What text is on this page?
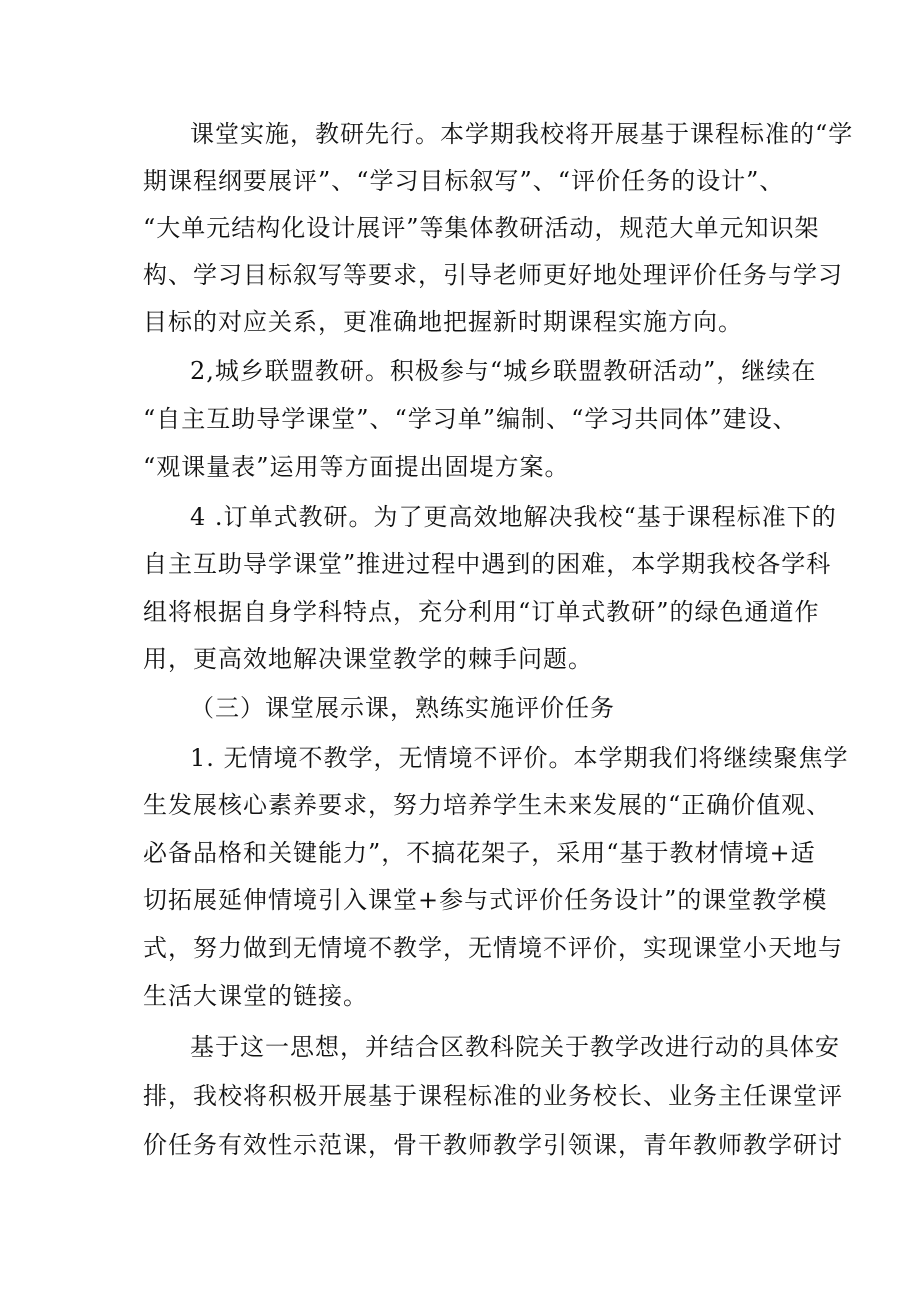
课堂实施，教研先行。本学期我校将开展基于课程标准的“学
期课程纲要展评”、“学习目标叙写”、“评价任务的设计”、
“大单元结构化设计展评”等集体教研活动，规范大单元知识架
构、学习目标叙写等要求，引导老师更好地处理评价任务与学习
目标的对应关系，更准确地把握新时期课程实施方向。
2,城乡联盟教研。积极参与“城乡联盟教研活动”，继续在
“自主互助导学课堂”、“学习单”编制、“学习共同体”建设、
“观课量表”运用等方面提出固堤方案。
4 .订单式教研。为了更高效地解决我校“基于课程标准下的
自主互助导学课堂”推进过程中遇到的困难，本学期我校各学科
组将根据自身学科特点，充分利用“订单式教研”的绿色通道作
用，更高效地解决课堂教学的棘手问题。
（三）课堂展示课，熟练实施评价任务
1. 无情境不教学，无情境不评价。本学期我们将继续聚焦学
生发展核心素养要求，努力培养学生未来发展的“正确价值观、
必备品格和关键能力”，不搞花架子，采用“基于教材情境+适
切拓展延伸情境引入课堂+参与式评价任务设计”的课堂教学模
式，努力做到无情境不教学，无情境不评价，实现课堂小天地与
生活大课堂的链接。
基于这一思想，并结合区教科院关于教学改进行动的具体安
排，我校将积极开展基于课程标准的业务校长、业务主任课堂评
价任务有效性示范课，骨干教师教学引领课，青年教师教学研讨
